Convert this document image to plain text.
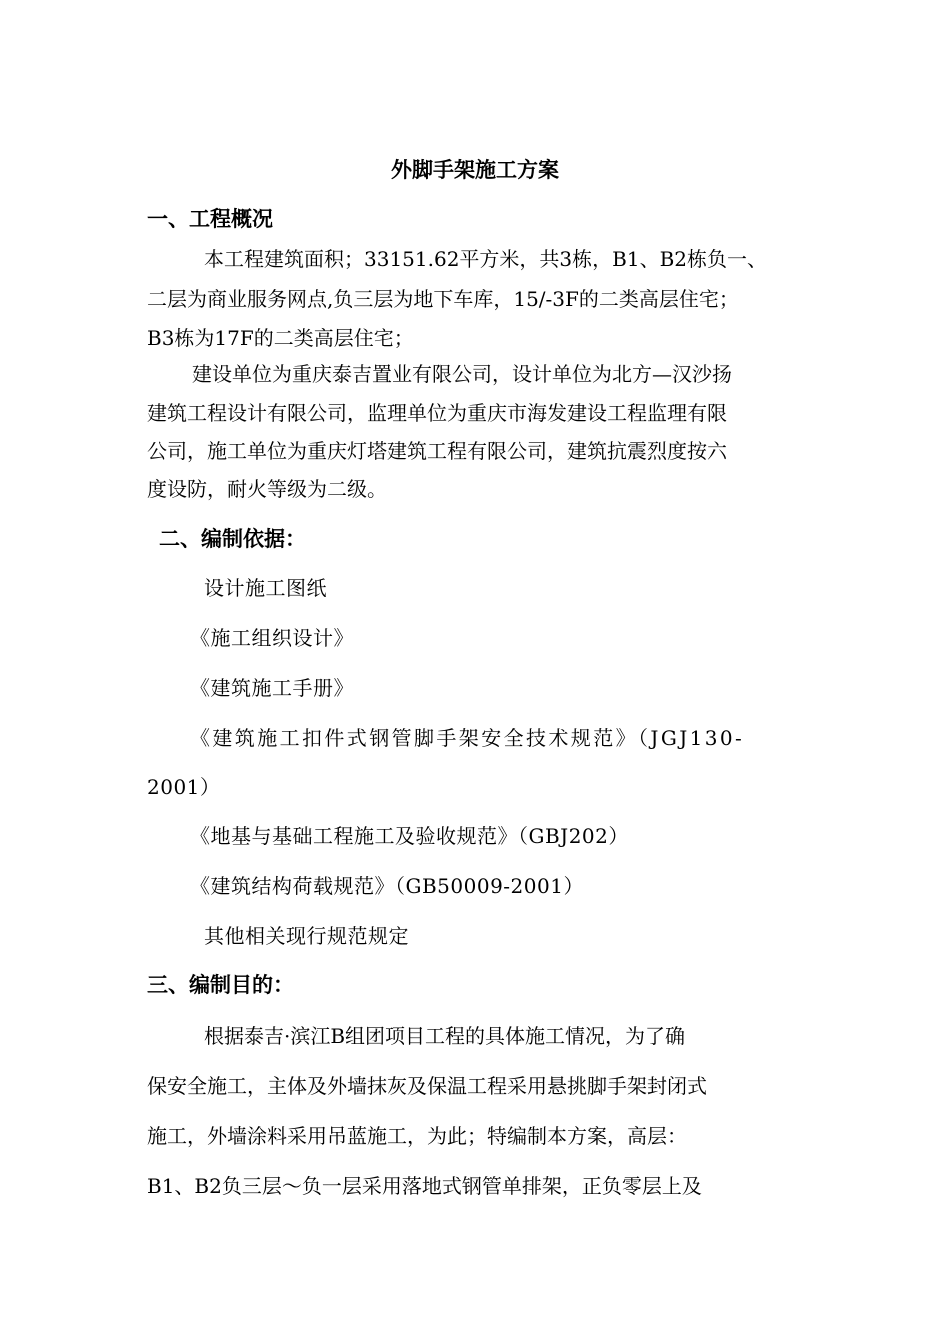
外脚手架施工方案
一、工程概况
本工程建筑面积；33151.62平方米，共3栋，B1、B2栋负一、
二层为商业服务网点,负三层为地下车库，15/-3F的二类高层住宅；
B3栋为17F的二类高层住宅；
建设单位为重庆泰吉置业有限公司，设计单位为北方—汉沙扬
建筑工程设计有限公司，监理单位为重庆市海发建设工程监理有限
公司，施工单位为重庆灯塔建筑工程有限公司，建筑抗震烈度按六
度设防，耐火等级为二级。
二、编制依据：
设计施工图纸
《施工组织设计》
《建筑施工手册》
《建筑施工扣件式钢管脚手架安全技术规范》（JGJ130-
2001）
《地基与基础工程施工及验收规范》（GBJ202）
《建筑结构荷载规范》（GB50009-2001）
其他相关现行规范规定
三、编制目的：
根据泰吉·滨江B组团项目工程的具体施工情况，为了确
保安全施工，主体及外墙抹灰及保温工程采用悬挑脚手架封闭式
施工，外墙涂料采用吊蓝施工，为此；特编制本方案，高层：
B1、B2负三层～负一层采用落地式钢管单排架，正负零层上及
